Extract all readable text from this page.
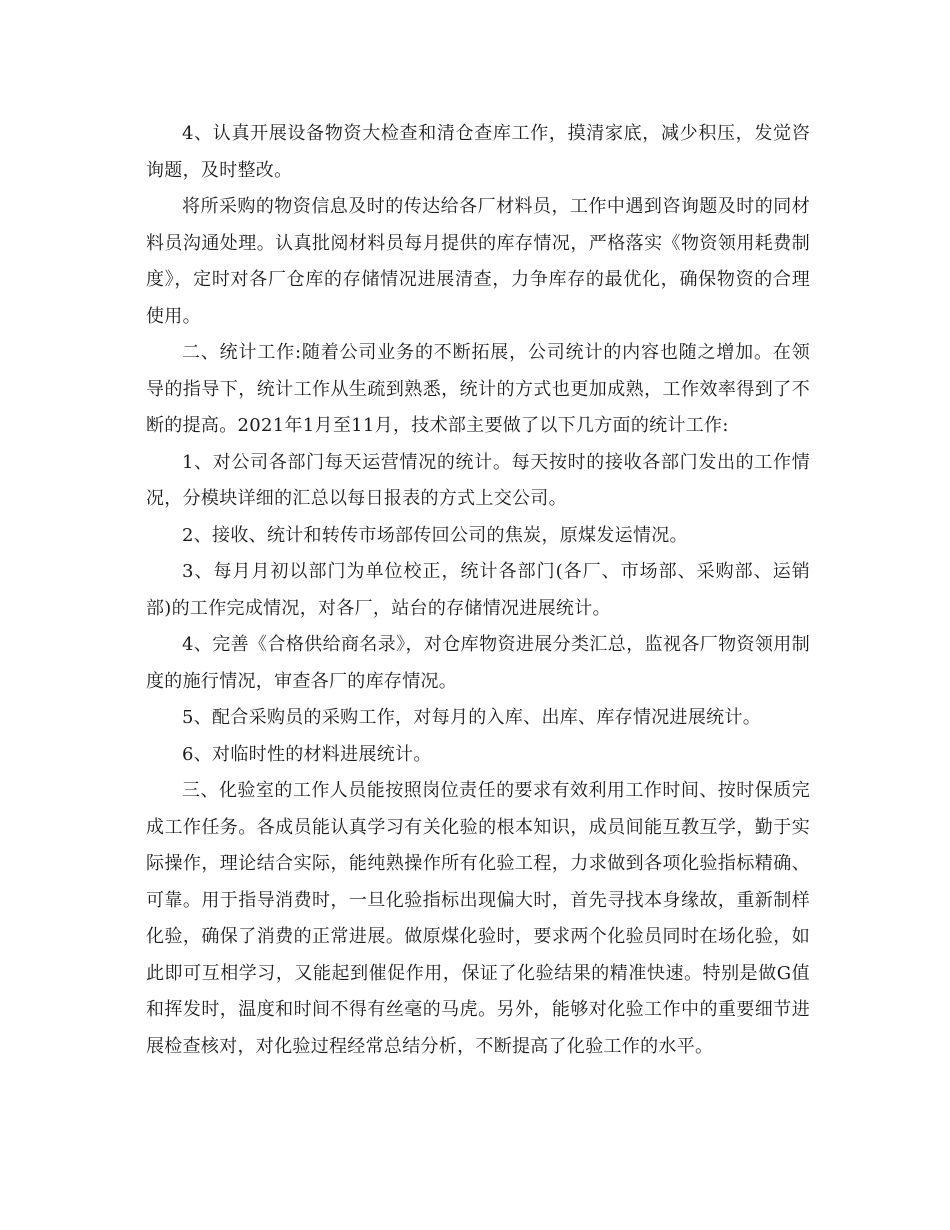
4、认真开展设备物资大检查和清仓查库工作，摸清家底，减少积压，发觉咨询题，及时整改。

将所采购的物资信息及时的传达给各厂材料员，工作中遇到咨询题及时的同材料员沟通处理。认真批阅材料员每月提供的库存情况，严格落实《物资领用耗费制度》，定时对各厂仓库的存储情况进展清查，力争库存的最优化，确保物资的合理使用。

二、统计工作:随着公司业务的不断拓展，公司统计的内容也随之增加。在领导的指导下，统计工作从生疏到熟悉，统计的方式也更加成熟，工作效率得到了不断的提高。2021年1月至11月，技术部主要做了以下几方面的统计工作:

1、对公司各部门每天运营情况的统计。每天按时的接收各部门发出的工作情况，分模块详细的汇总以每日报表的方式上交公司。

2、接收、统计和转传市场部传回公司的焦炭，原煤发运情况。

3、每月月初以部门为单位校正，统计各部门(各厂、市场部、采购部、运销部)的工作完成情况，对各厂，站台的存储情况进展统计。

4、完善《合格供给商名录》，对仓库物资进展分类汇总，监视各厂物资领用制度的施行情况，审查各厂的库存情况。

5、配合采购员的采购工作，对每月的入库、出库、库存情况进展统计。

6、对临时性的材料进展统计。

三、化验室的工作人员能按照岗位责任的要求有效利用工作时间、按时保质完成工作任务。各成员能认真学习有关化验的根本知识，成员间能互教互学，勤于实际操作，理论结合实际，能纯熟操作所有化验工程，力求做到各项化验指标精确、可靠。用于指导消费时，一旦化验指标出现偏大时，首先寻找本身缘故，重新制样化验，确保了消费的正常进展。做原煤化验时，要求两个化验员同时在场化验，如此即可互相学习，又能起到催促作用，保证了化验结果的精准快速。特别是做G值和挥发时，温度和时间不得有丝毫的马虎。另外，能够对化验工作中的重要细节进展检查核对，对化验过程经常总结分析，不断提高了化验工作的水平。
